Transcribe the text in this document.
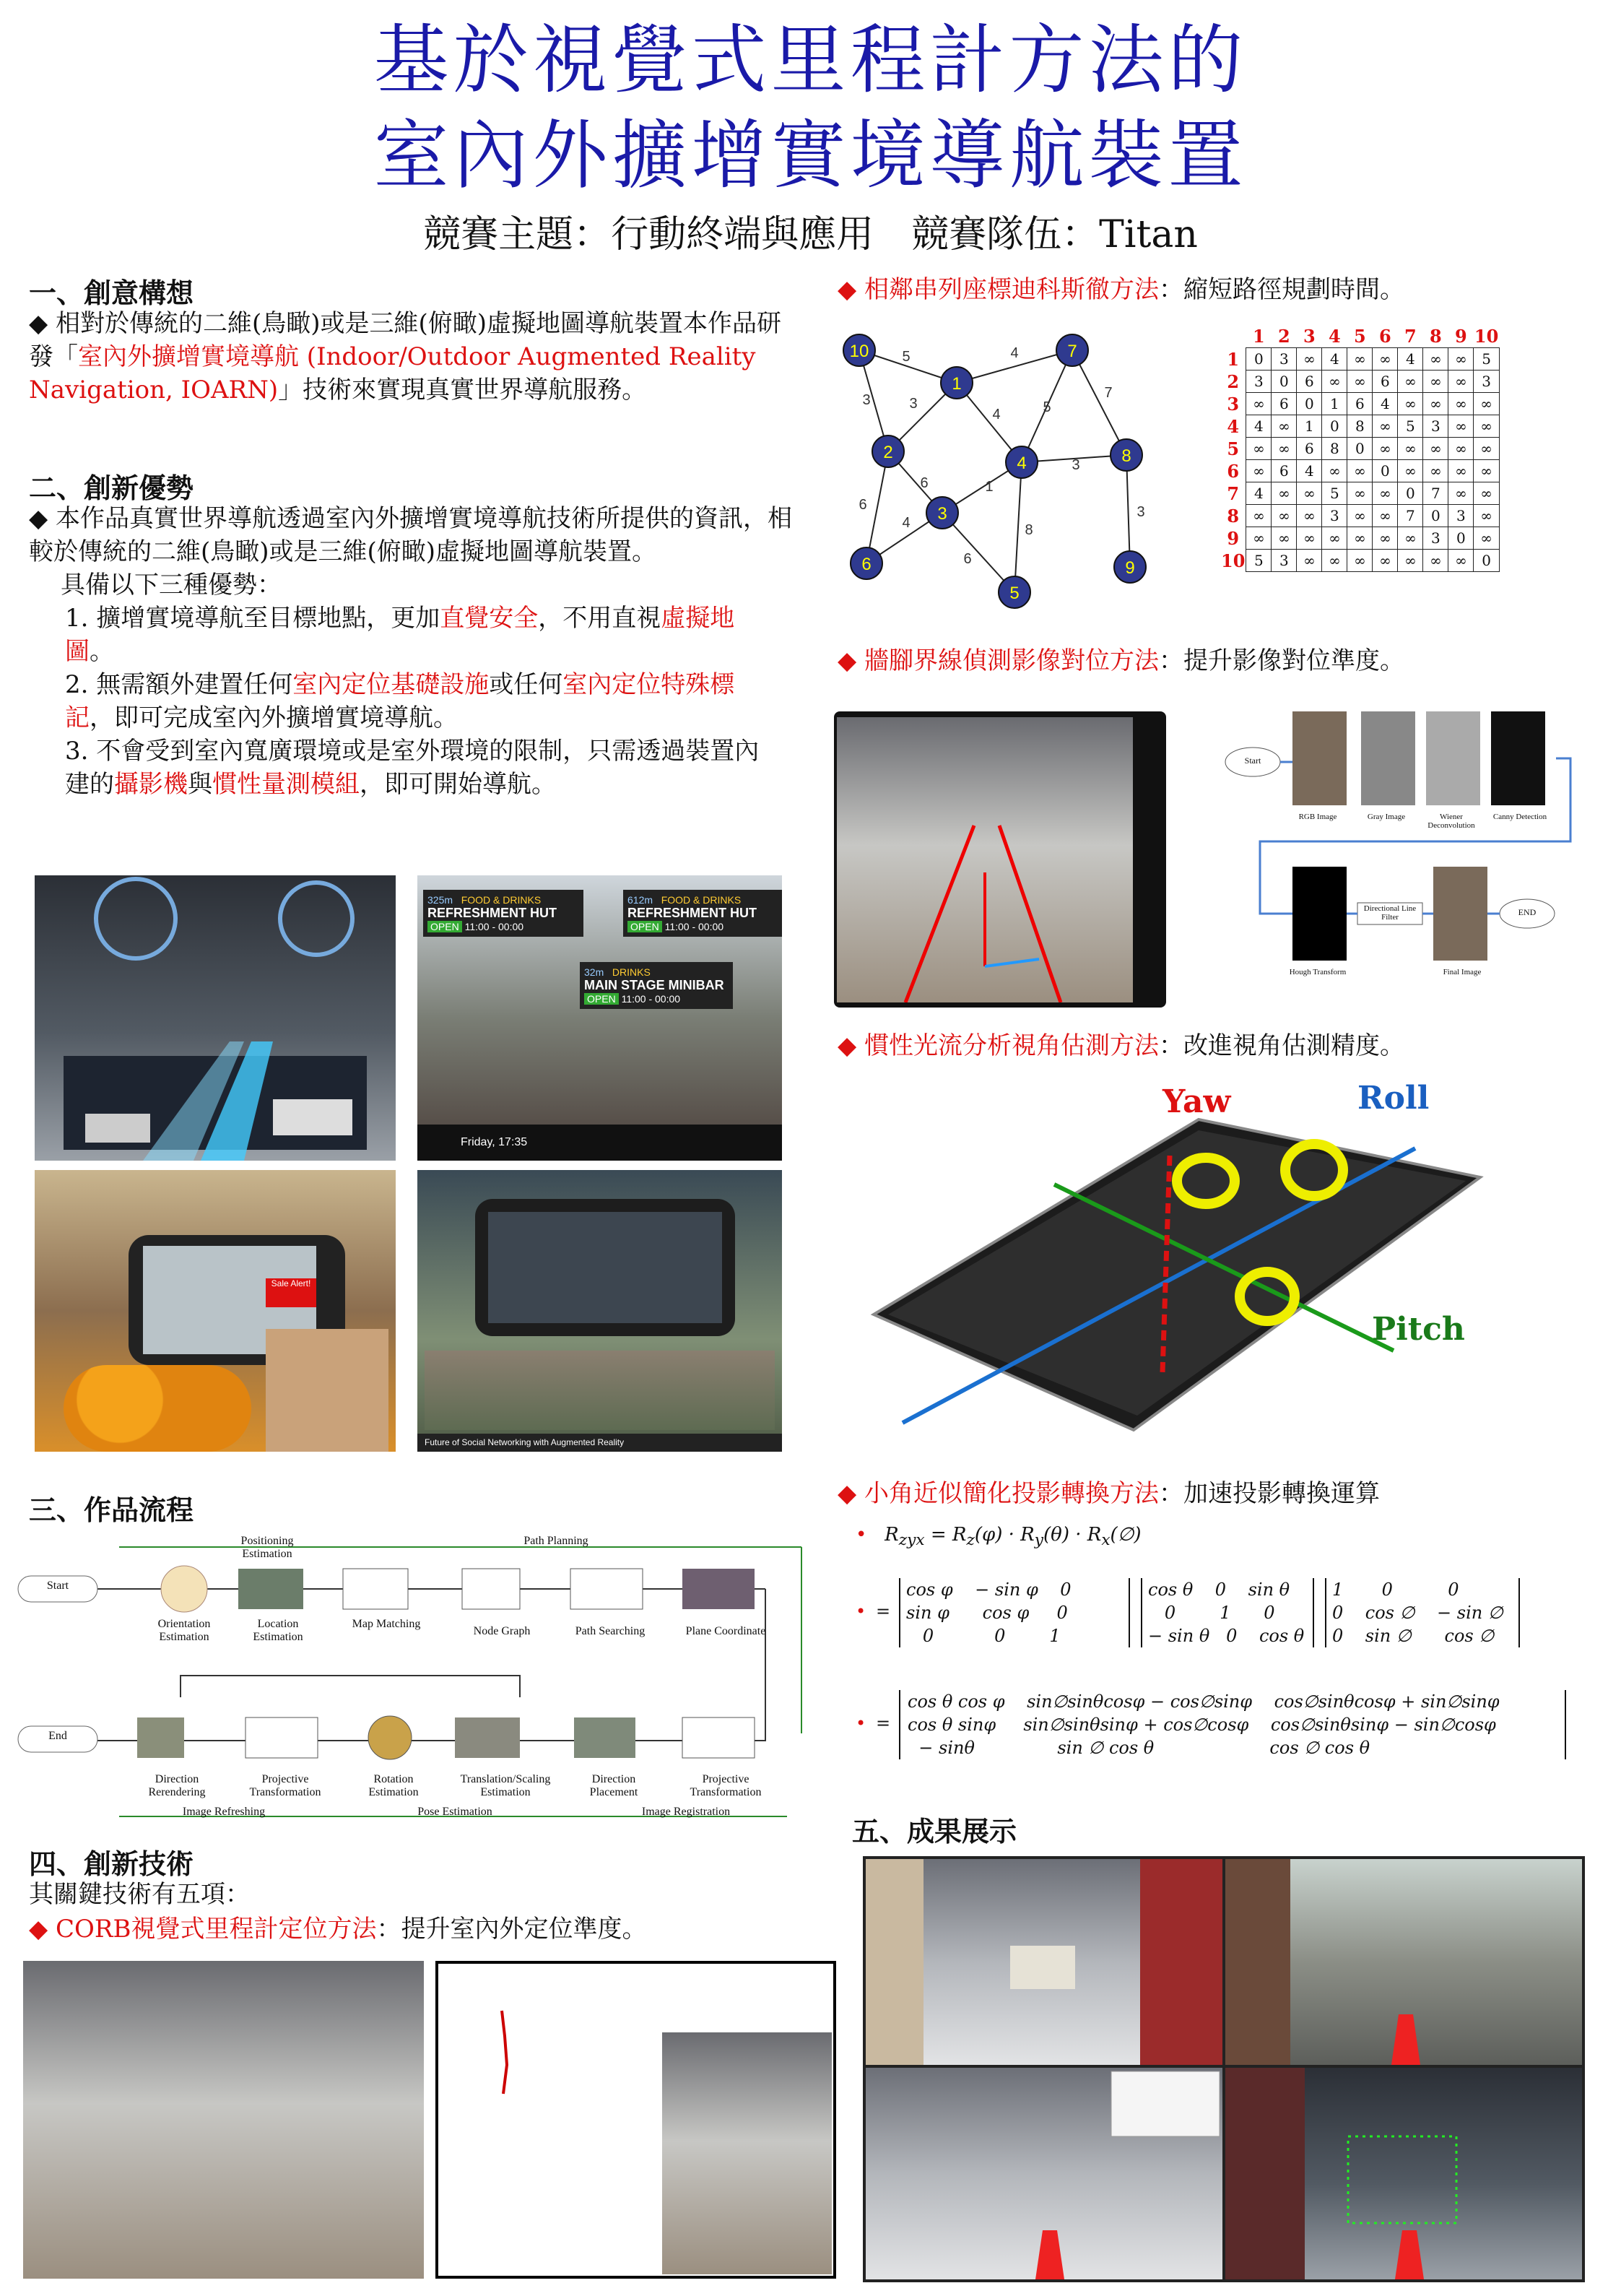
基於視覺式里程計方法的
室內外擴增實境導航裝置
競賽主題：行動終端與應用　競賽隊伍：Titan
一、創意構想
◆ 相對於傳統的二維(鳥瞰)或是三維(俯瞰)虛擬地圖導航裝置本作品研發「室內外擴增實境導航 (Indoor/Outdoor Augmented Reality Navigation, IOARN)」技術來實現真實世界導航服務。
二、創新優勢
◆ 本作品真實世界導航透過室內外擴增實境導航技術所提供的資訊，相較於傳統的二維(鳥瞰)或是三維(俯瞰)虛擬地圖導航裝置。
具備以下三種優勢：
1. 擴增實境導航至目標地點，更加直覺安全，不用直視虛擬地圖。
2. 無需額外建置任何室內定位基礎設施或任何室內定位特殊標記，即可完成室內外擴增實境導航。
3. 不會受到室內寬廣環境或是室外環境的限制，只需透過裝置內建的攝影機與慣性量測模組，即可開始導航。
325m FOOD & DRINKS
REFRESHMENT HUT
OPEN 11:00 - 00:00
612m FOOD & DRINKS
REFRESHMENT HUT
OPEN 11:00 - 00:00
32m DRINKS
MAIN STAGE MINIBAR
OPEN 11:00 - 00:00
Friday, 17:35
Sale Alert!
Future of Social Networking with Augmented Reality
三、作品流程
Start
End
Positioning Estimation
Path Planning
Image Refreshing	Pose Estimation	Image Registration
Orientation Estimation
Location Estimation
Map Matching
Node Graph	Path Searching	Plane Coordinate
Direction Rerendering
Projective Transformation
Rotation Estimation
Translation/Scaling Estimation
Direction Placement
Projective Transformation
四、創新技術
其關鍵技術有五項：
◆ CORB視覺式里程計定位方法：提升室內外定位準度。
◆ 相鄰串列座標迪科斯徹方法：縮短路徑規劃時間。
1
2
3
4
5
6
7
8
9
10 5	4
3	3
4	5
7
6
3
1
6
4
6
8
3
	1	2	3	4	5	6	7	8	9	10
1	0	3	∞	4	∞	∞	4	∞	∞	5
2	3	0	6	∞	∞	6	∞	∞	∞	3
3	∞	6	0	1	6	4	∞	∞	∞	∞
4	4	∞	1	0	8	∞	5	3	∞	∞
5	∞	∞	6	8	0	∞	∞	∞	∞	∞
6	∞	6	4	∞	∞	0	∞	∞	∞	∞
7	4	∞	∞	5	∞	∞	0	7	∞	∞
8	∞	∞	∞	3	∞	∞	7	0	3	∞
9	∞	∞	∞	∞	∞	∞	∞	3	0	∞
10	5	3	∞	∞	∞	∞	∞	∞	∞	0
◆ 牆腳界線偵測影像對位方法：提升影像對位準度。
Start
RGB Image	Gray Image	Wiener Deconvolution
Canny Detection
Directional Line Filter	END
Hough Transform	Final Image
◆ 慣性光流分析視角估測方法：改進視角估測精度。
Yaw	Roll
Pitch
◆ 小角近似簡化投影轉換方法：加速投影轉換運算
•   $R_{zyx} = R_z(\varphi) \cdot R_y(\theta)$ · $R_x(\emptyset)$
• =
cos φ    − sin φ    0
sin φ      cos φ     0
0           0        1
cos θ    0    sin θ
0        1      0
− sin θ   0    cos θ
1       0          0
0    cos ∅    − sin ∅
0    sin ∅      cos ∅
• =
cos θ cos φ    sin∅sinθcosφ − cos∅sinφ    cos∅sinθcosφ + sin∅sinφ
cos θ sinφ     sin∅sinθsinφ + cos∅cosφ    cos∅sinθsinφ − sin∅cosφ
− sinθ               sin ∅ cos θ                     cos ∅ cos θ
五、成果展示
